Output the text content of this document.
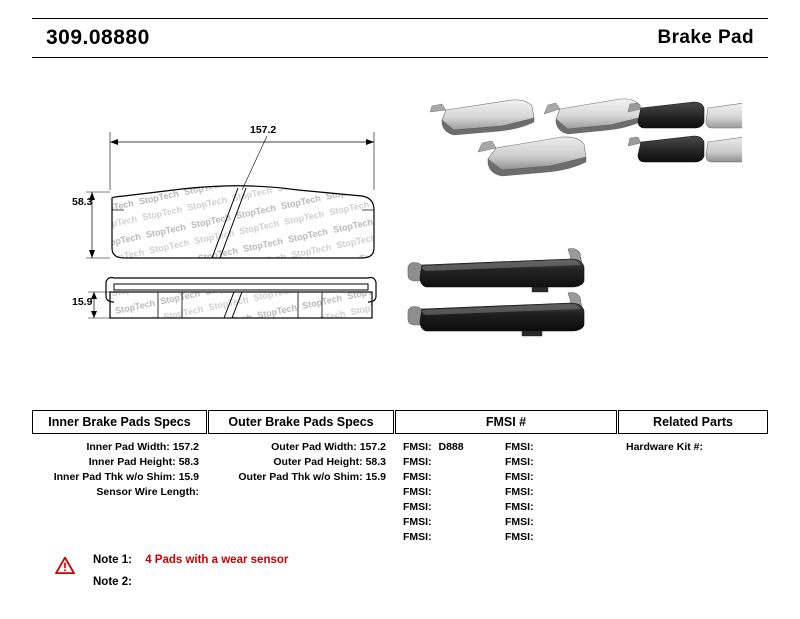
309.08880	Brake Pad
157.2
58.3
15.9
Inner Brake Pads Specs
Inner Pad Width: 157.2
Inner Pad Height: 58.3
Inner Pad Thk w/o Shim: 15.9
Sensor Wire Length:
Outer Brake Pads Specs
Outer Pad Width: 157.2
Outer Pad Height: 58.3
Outer Pad Thk w/o Shim: 15.9
FMSI #
FMSI: D888
FMSI:
FMSI:
FMSI:
FMSI:
FMSI:
FMSI:
FMSI:
FMSI:
FMSI:
FMSI:
FMSI:
FMSI:
FMSI:
Related Parts
Hardware Kit #:
Note 1: 4 Pads with a wear sensor
Note 2:
